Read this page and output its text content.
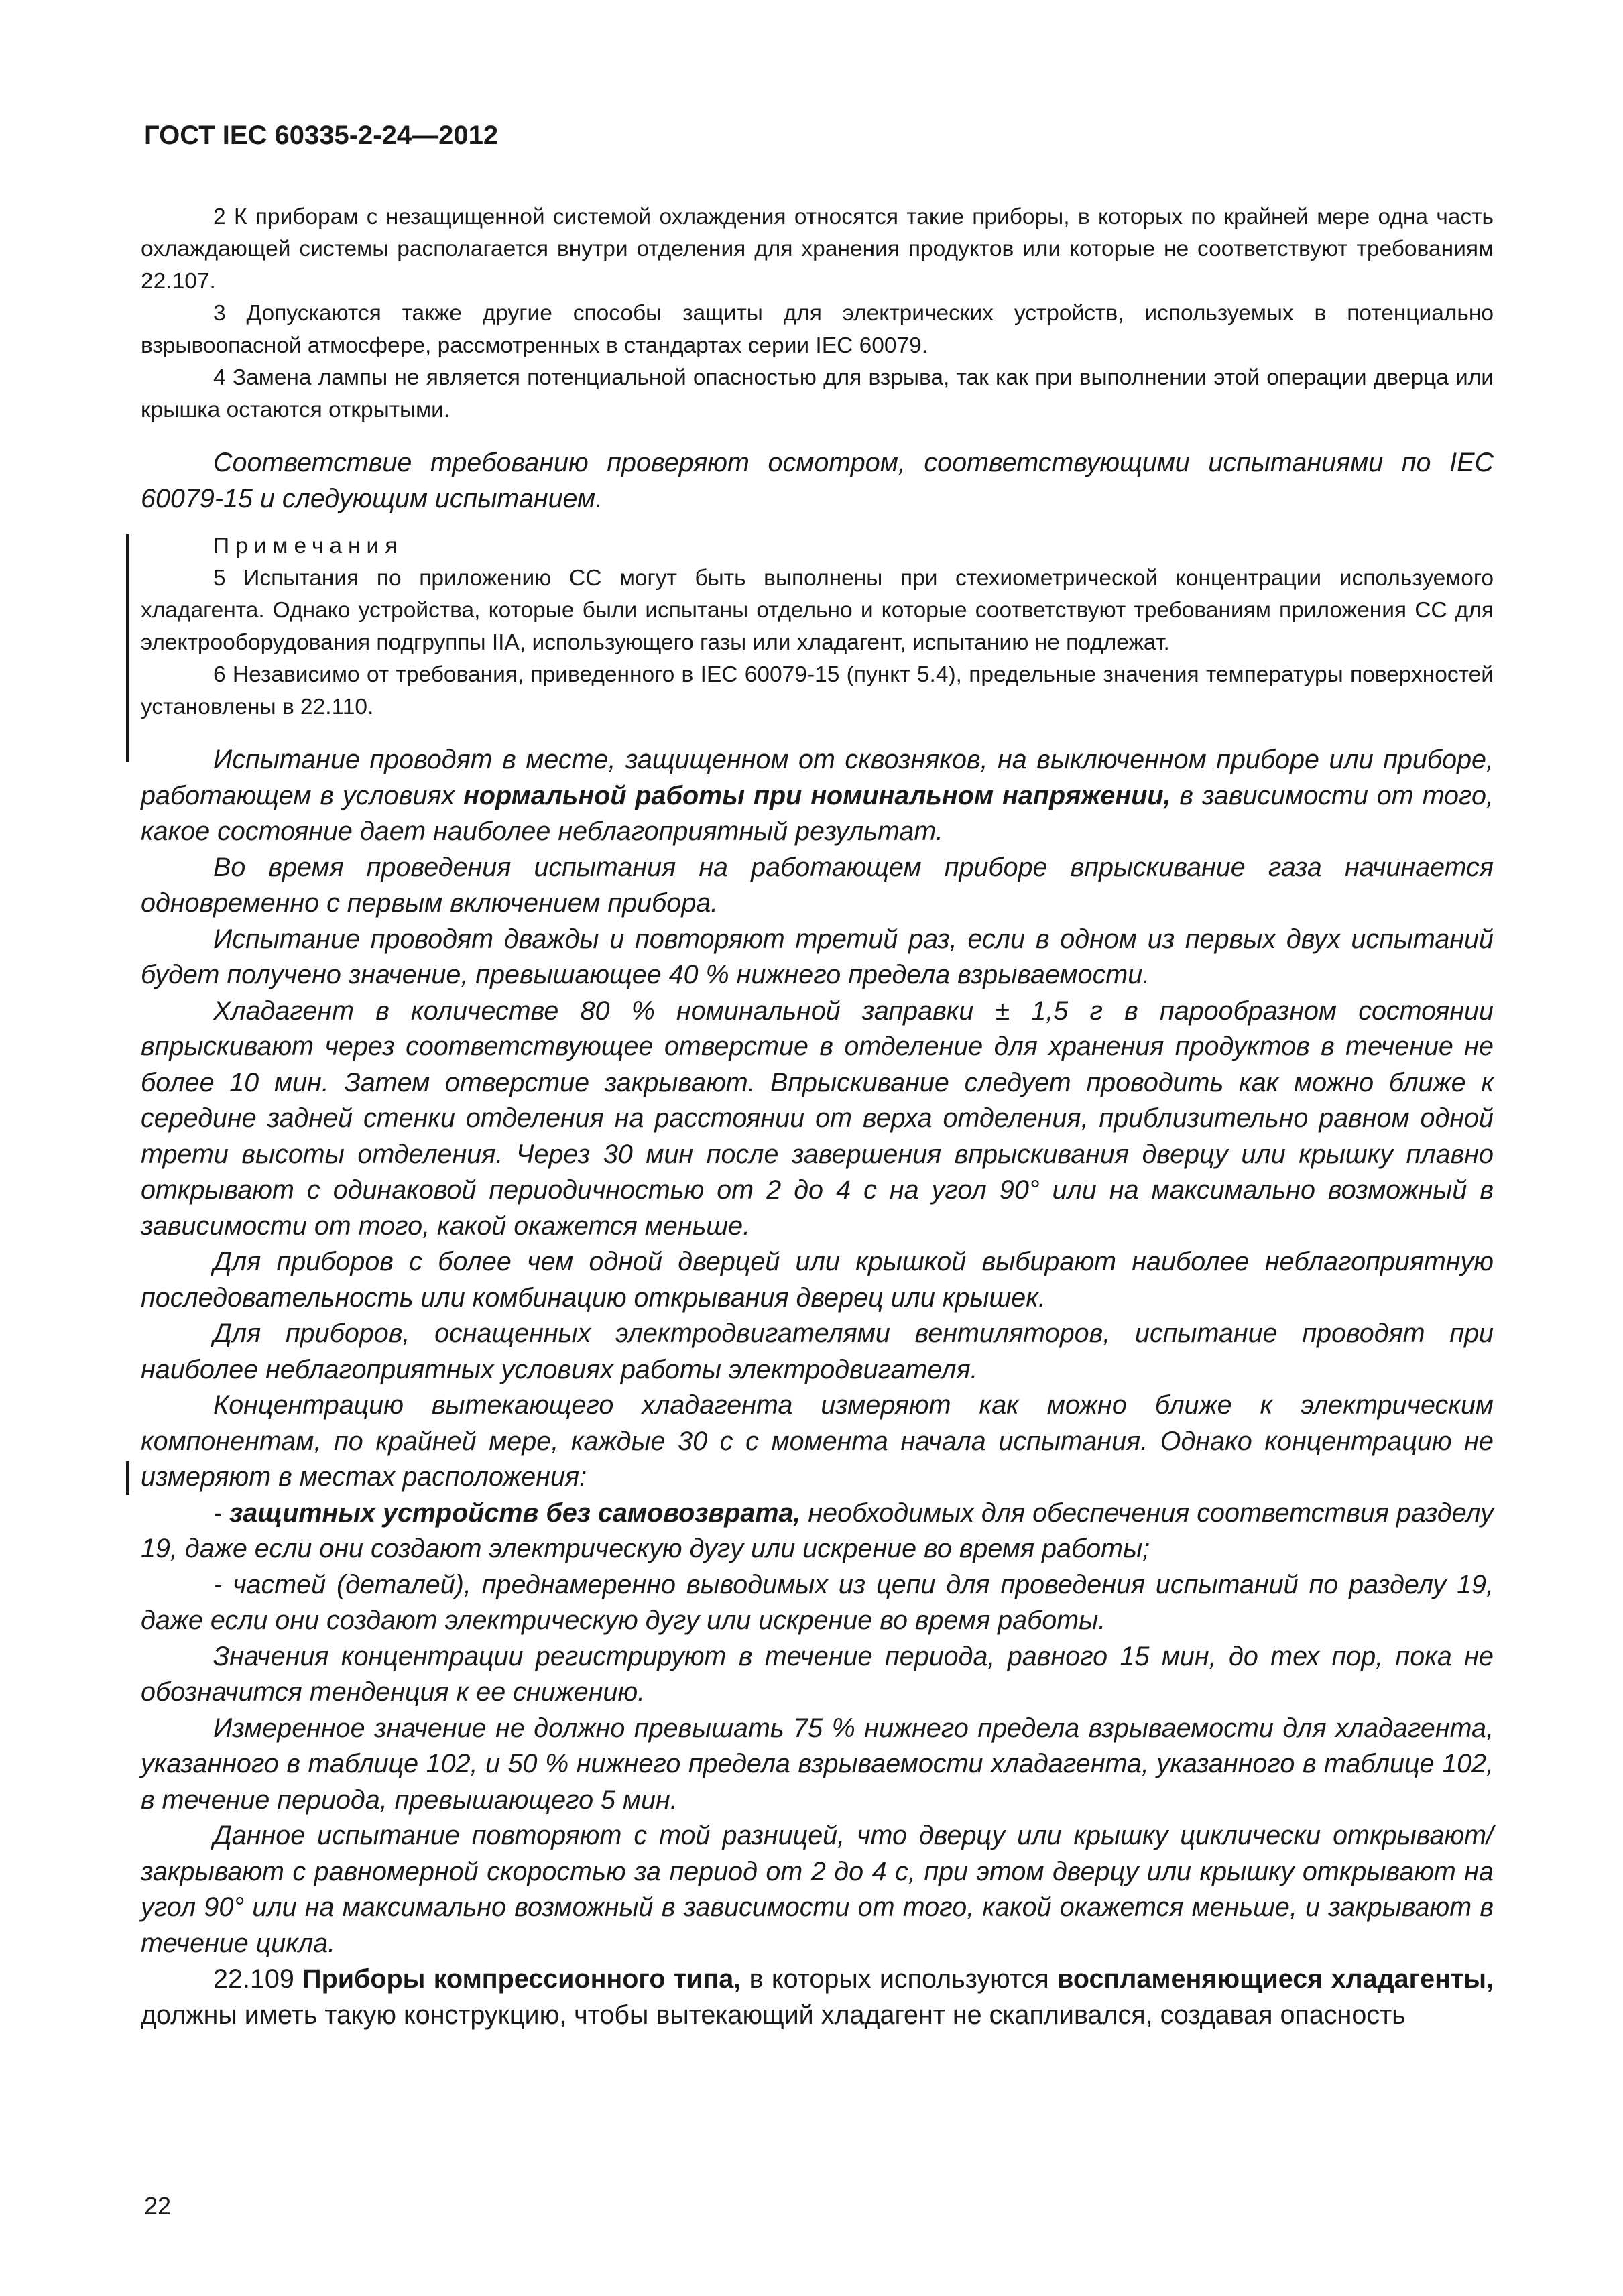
ГОСТ IEC 60335-2-24—2012

2 К приборам с незащищенной системой охлаждения относятся такие приборы, в которых по крайней мере одна часть охлаждающей системы располагается внутри отделения для хранения продуктов или которые не соответствуют требованиям 22.107.

3 Допускаются также другие способы защиты для электрических устройств, используемых в потенциально взрывоопасной атмосфере, рассмотренных в стандартах серии IEC 60079.

4 Замена лампы не является потенциальной опасностью для взрыва, так как при выполнении этой операции дверца или крышка остаются открытыми.

Соответствие требованию проверяют осмотром, соответствующими испытаниями по IEC 60079-15 и следующим испытанием.

Примечания

5 Испытания по приложению СС могут быть выполнены при стехиометрической концентрации используемого хладагента. Однако устройства, которые были испытаны отдельно и которые соответствуют требованиям приложения СС для электрооборудования подгруппы IIA, использующего газы или хладагент, испытанию не подлежат.

6 Независимо от требования, приведенного в IEC 60079-15 (пункт 5.4), предельные значения температуры поверхностей установлены в 22.110.

Испытание проводят в месте, защищенном от сквозняков, на выключенном приборе или приборе, работающем в условиях нормальной работы при номинальном напряжении, в зависимости от того, какое состояние дает наиболее неблагоприятный результат.

Во время проведения испытания на работающем приборе впрыскивание газа начинается одновременно с первым включением прибора.

Испытание проводят дважды и повторяют третий раз, если в одном из первых двух испытаний будет получено значение, превышающее 40 % нижнего предела взрываемости.

Хладагент в количестве 80 % номинальной заправки ± 1,5 г в парообразном состоянии впрыскивают через соответствующее отверстие в отделение для хранения продуктов в течение не более 10 мин. Затем отверстие закрывают. Впрыскивание следует проводить как можно ближе к середине задней стенки отделения на расстоянии от верха отделения, приблизительно равном одной трети высоты отделения. Через 30 мин после завершения впрыскивания дверцу или крышку плавно открывают с одинаковой периодичностью от 2 до 4 с на угол 90° или на максимально возможный в зависимости от того, какой окажется меньше.

Для приборов с более чем одной дверцей или крышкой выбирают наиболее неблагоприятную последовательность или комбинацию открывания дверец или крышек.

Для приборов, оснащенных электродвигателями вентиляторов, испытание проводят при наиболее неблагоприятных условиях работы электродвигателя.

Концентрацию вытекающего хладагента измеряют как можно ближе к электрическим компонентам, по крайней мере, каждые 30 с с момента начала испытания. Однако концентрацию не измеряют в местах расположения:

- защитных устройств без самовозврата, необходимых для обеспечения соответствия разделу 19, даже если они создают электрическую дугу или искрение во время работы;

- частей (деталей), преднамеренно выводимых из цепи для проведения испытаний по разделу 19, даже если они создают электрическую дугу или искрение во время работы.

Значения концентрации регистрируют в течение периода, равного 15 мин, до тех пор, пока не обозначится тенденция к ее снижению.

Измеренное значение не должно превышать 75 % нижнего предела взрываемости для хладагента, указанного в таблице 102, и 50 % нижнего предела взрываемости хладагента, указанного в таблице 102, в течение периода, превышающего 5 мин.

Данное испытание повторяют с той разницей, что дверцу или крышку циклически открывают/закрывают с равномерной скоростью за период от 2 до 4 с, при этом дверцу или крышку открывают на угол 90° или на максимально возможный в зависимости от того, какой окажется меньше, и закрывают в течение цикла.

22.109 Приборы компрессионного типа, в которых используются воспламеняющиеся хладагенты, должны иметь такую конструкцию, чтобы вытекающий хладагент не скапливался, создавая опасность

22
